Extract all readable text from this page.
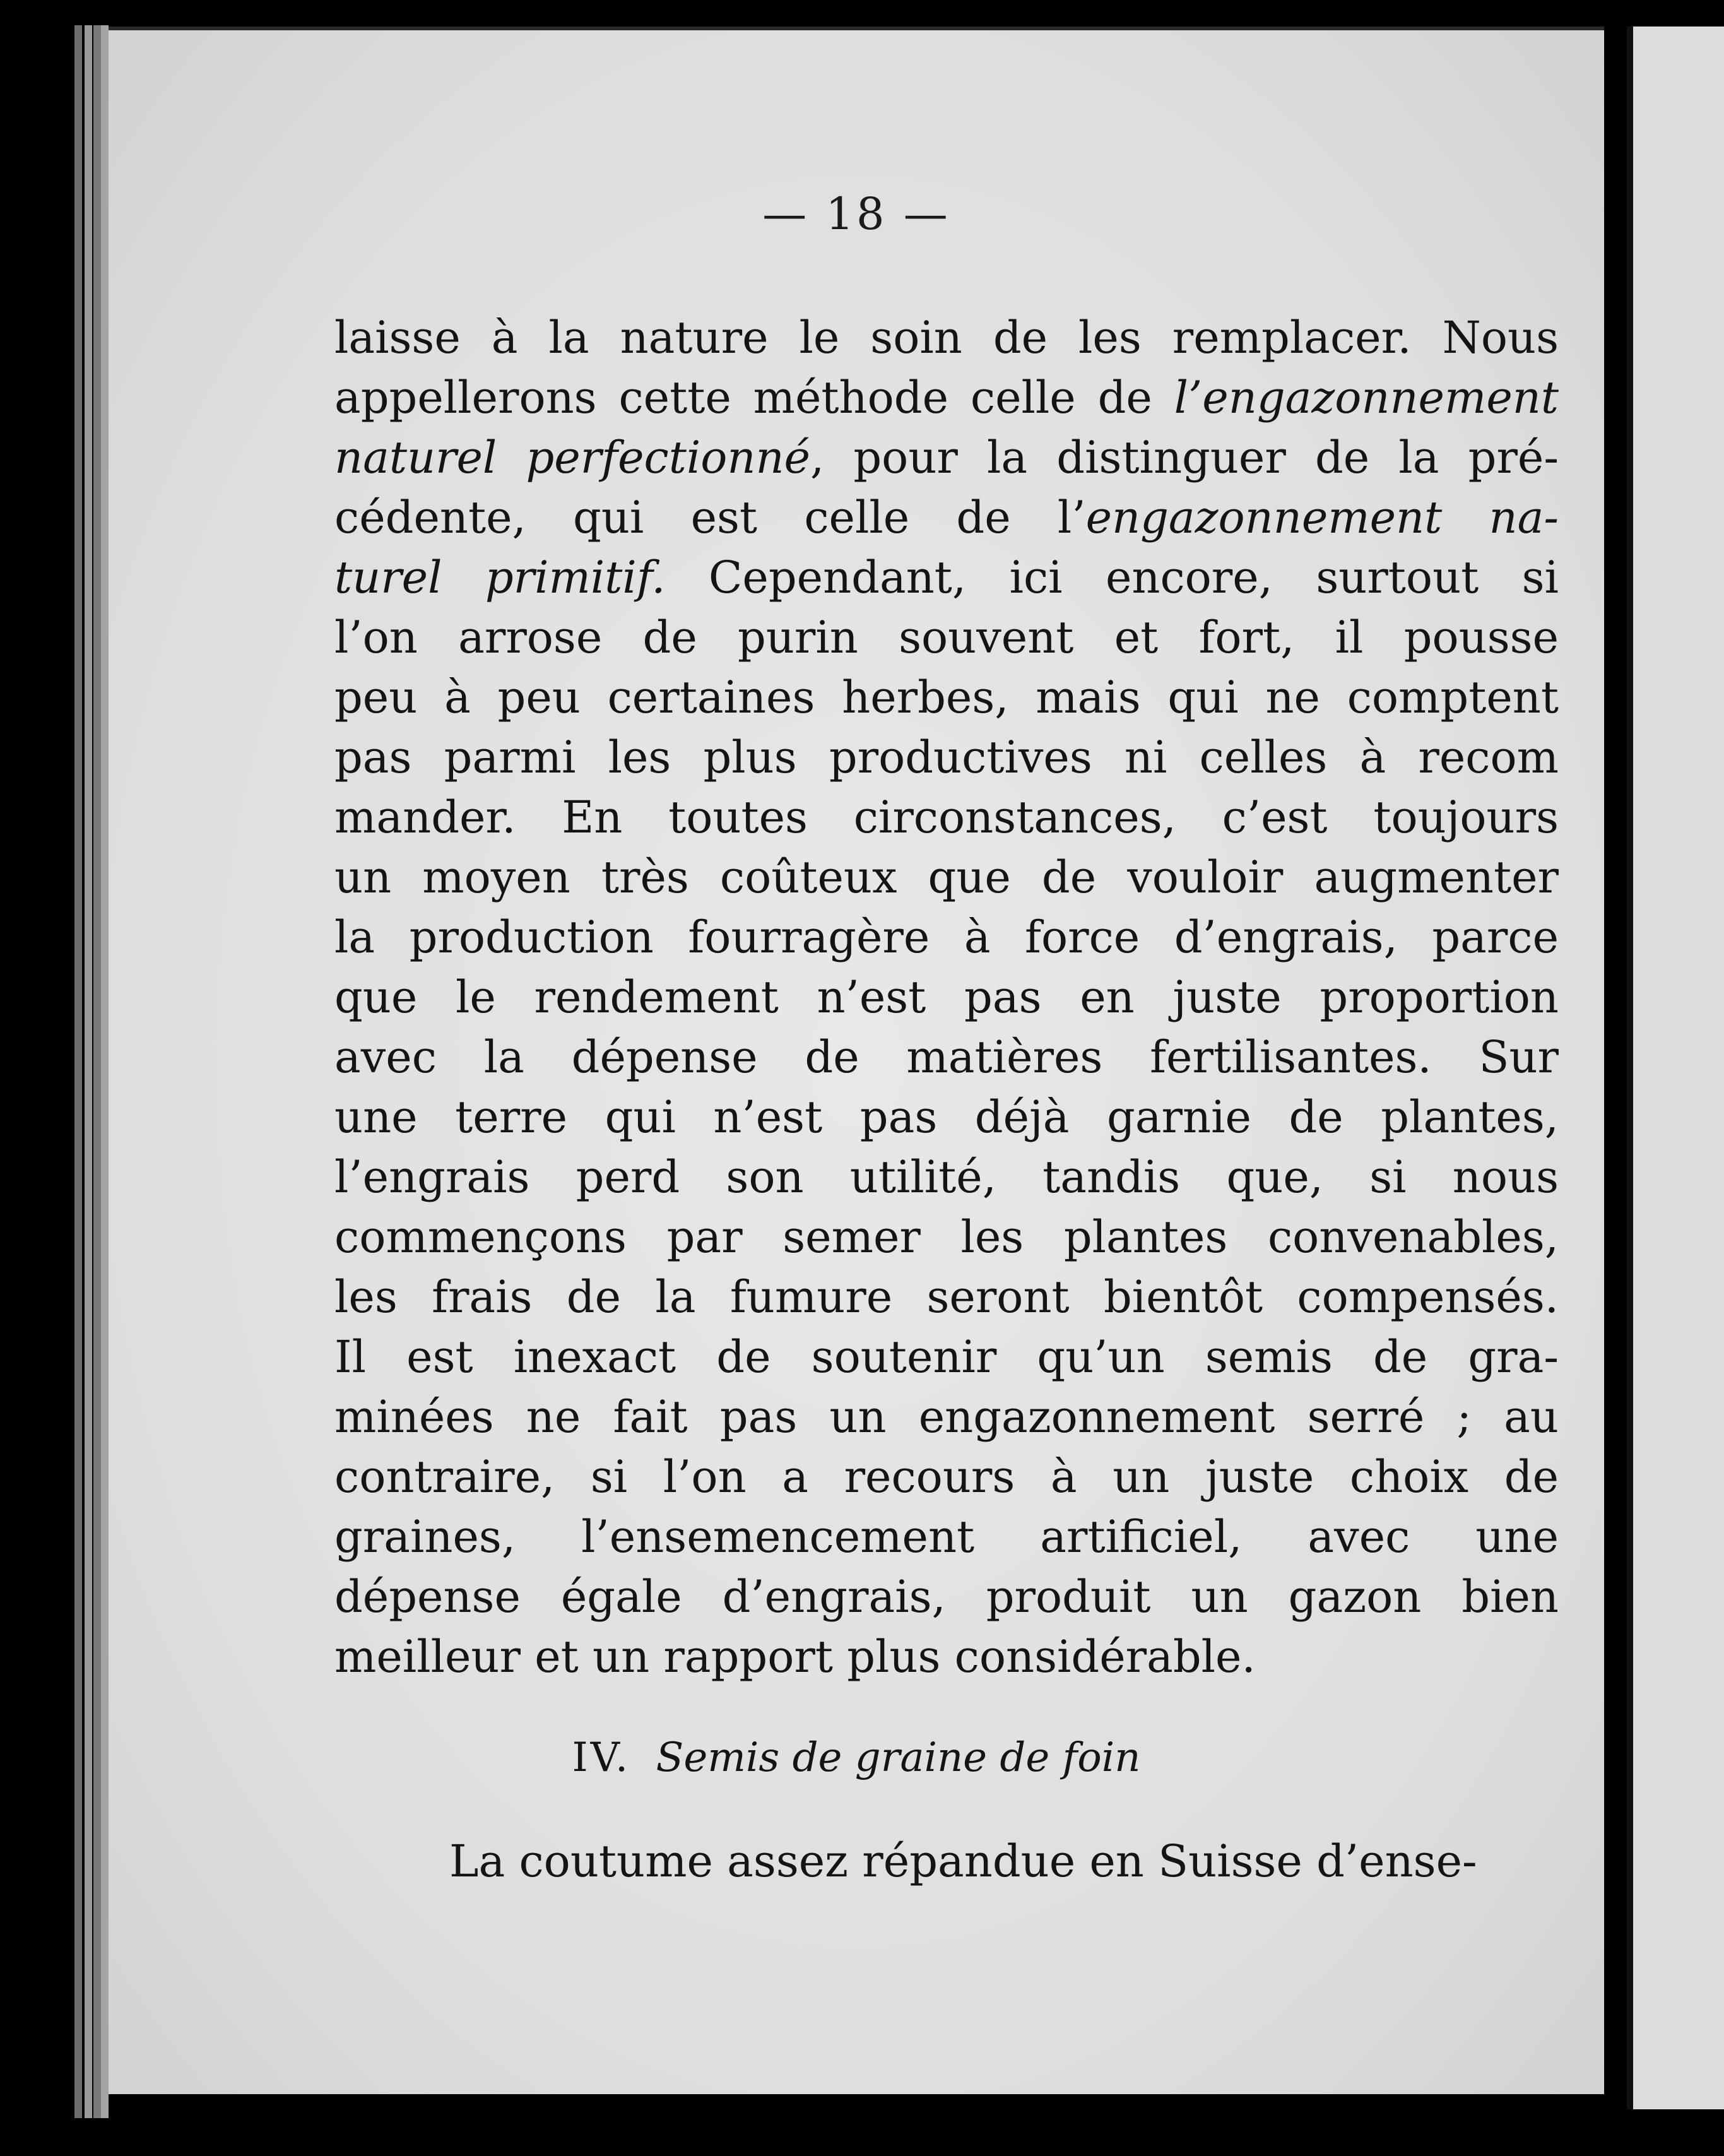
— 18 —
laisse à la nature le soin de les remplacer. Nous
appellerons cette méthode celle de l’engazonnement
naturel perfectionné, pour la distinguer de la pré-
cédente, qui est celle de l’engazonnement na-
turel primitif. Cependant, ici encore, surtout si
l’on arrose de purin souvent et fort, il pousse
peu à peu certaines herbes, mais qui ne comptent
pas parmi les plus productives ni celles à recom
mander. En toutes circonstances, c’est toujours
un moyen très coûteux que de vouloir augmenter
la production fourragère à force d’engrais, parce
que le rendement n’est pas en juste proportion
avec la dépense de matières fertilisantes. Sur
une terre qui n’est pas déjà garnie de plantes,
l’engrais perd son utilité, tandis que, si nous
commençons par semer les plantes convenables,
les frais de la fumure seront bientôt compensés.
Il est inexact de soutenir qu’un semis de gra-
minées ne fait pas un engazonnement serré ; au
contraire, si l’on a recours à un juste choix de
graines, l’ensemencement artificiel, avec une
dépense égale d’engrais, produit un gazon bien
meilleur et un rapport plus considérable.
IV. Semis de graine de foin
La coutume assez répandue en Suisse d’ense-
